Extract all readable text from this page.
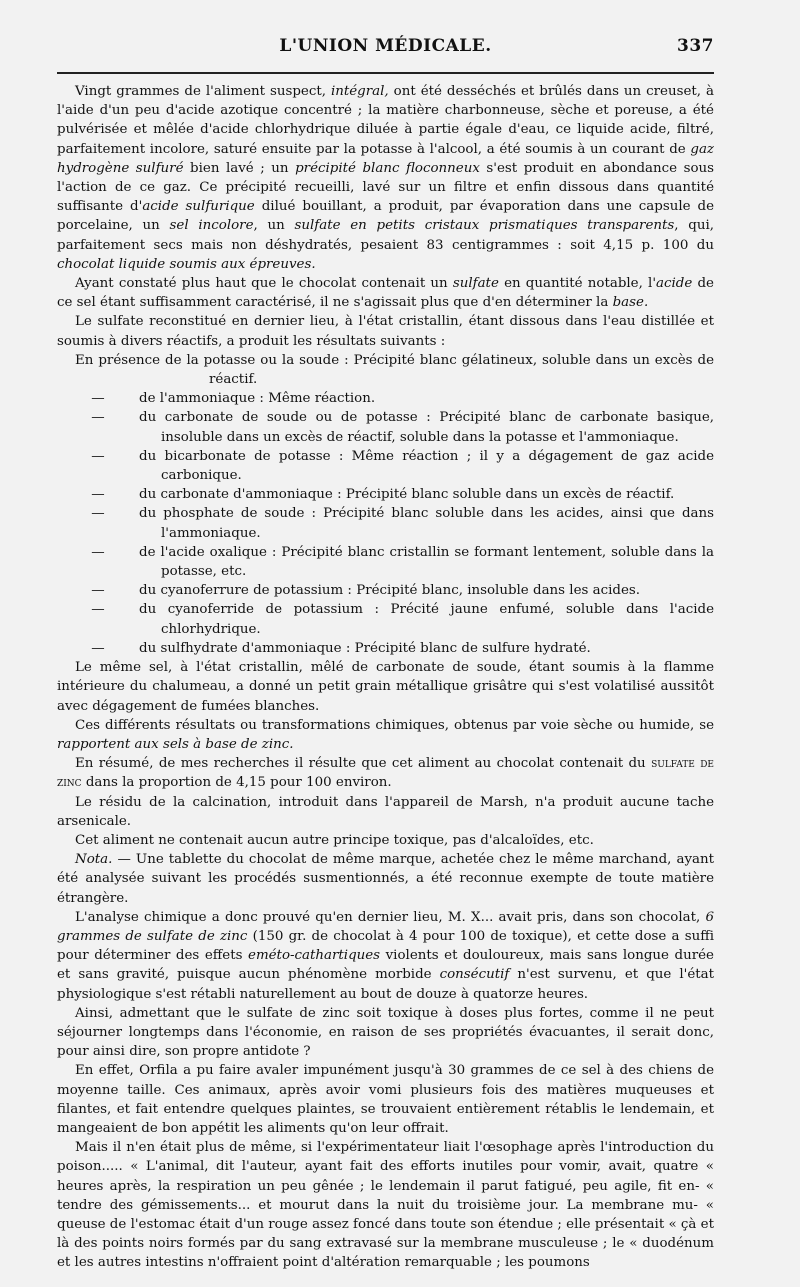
L'UNION MÉDICALE.	337

Vingt grammes de l'aliment suspect, intégral, ont été desséchés et brûlés dans un creuset, à l'aide d'un peu d'acide azotique concentré ; la matière charbonneuse, sèche et poreuse, a été pulvérisée et mêlée d'acide chlorhydrique diluée à partie égale d'eau, ce liquide acide, filtré, parfaitement incolore, saturé ensuite par la potasse à l'alcool, a été soumis à un courant de gaz hydrogène sulfuré bien lavé ; un précipité blanc floconneux s'est produit en abondance sous l'action de ce gaz. Ce précipité recueilli, lavé sur un filtre et enfin dissous dans quantité suffisante d'acide sulfurique dilué bouillant, a produit, par évaporation dans une capsule de porcelaine, un sel incolore, un sulfate en petits cristaux prismatiques transparents, qui, parfaitement secs mais non déshydratés, pesaient 83 centigrammes : soit 4,15 p. 100 du chocolat liquide soumis aux épreuves.

Ayant constaté plus haut que le chocolat contenait un sulfate en quantité notable, l'acide de ce sel étant suffisamment caractérisé, il ne s'agissait plus que d'en déterminer la base.

Le sulfate reconstitué en dernier lieu, à l'état cristallin, étant dissous dans l'eau distillée et soumis à divers réactifs, a produit les résultats suivants :

En présence de la potasse ou la soude : Précipité blanc gélatineux, soluble dans un excès de réactif.
—	de l'ammoniaque : Même réaction.
—	du carbonate de soude ou de potasse : Précipité blanc de carbonate basique, insoluble dans un excès de réactif, soluble dans la potasse et l'ammoniaque.
—	du bicarbonate de potasse : Même réaction ; il y a dégagement de gaz acide carbonique.
—	du carbonate d'ammoniaque : Précipité blanc soluble dans un excès de réactif.
—	du phosphate de soude : Précipité blanc soluble dans les acides, ainsi que dans l'ammoniaque.
—	de l'acide oxalique : Précipité blanc cristallin se formant lentement, soluble dans la potasse, etc.
—	du cyanoferrure de potassium : Précipité blanc, insoluble dans les acides.
—	du cyanoferride de potassium : Précité jaune enfumé, soluble dans l'acide chlorhydrique.
—	du sulfhydrate d'ammoniaque : Précipité blanc de sulfure hydraté.

Le même sel, à l'état cristallin, mêlé de carbonate de soude, étant soumis à la flamme intérieure du chalumeau, a donné un petit grain métallique grisâtre qui s'est volatilisé aussitôt avec dégagement de fumées blanches.

Ces différents résultats ou transformations chimiques, obtenus par voie sèche ou humide, se rapportent aux sels à base de zinc.

En résumé, de mes recherches il résulte que cet aliment au chocolat contenait du sulfate de zinc dans la proportion de 4,15 pour 100 environ.

Le résidu de la calcination, introduit dans l'appareil de Marsh, n'a produit aucune tache arsenicale.

Cet aliment ne contenait aucun autre principe toxique, pas d'alcaloïdes, etc.

Nota. — Une tablette du chocolat de même marque, achetée chez le même marchand, ayant été analysée suivant les procédés susmentionnés, a été reconnue exempte de toute matière étrangère.

L'analyse chimique a donc prouvé qu'en dernier lieu, M. X... avait pris, dans son chocolat, 6 grammes de sulfate de zinc (150 gr. de chocolat à 4 pour 100 de toxique), et cette dose a suffi pour déterminer des effets eméto-cathartiques violents et douloureux, mais sans longue durée et sans gravité, puisque aucun phénomène morbide consécutif n'est survenu, et que l'état physiologique s'est rétabli naturellement au bout de douze à quatorze heures.

Ainsi, admettant que le sulfate de zinc soit toxique à doses plus fortes, comme il ne peut séjourner longtemps dans l'économie, en raison de ses propriétés évacuantes, il serait donc, pour ainsi dire, son propre antidote ?

En effet, Orfila a pu faire avaler impunément jusqu'à 30 grammes de ce sel à des chiens de moyenne taille. Ces animaux, après avoir vomi plusieurs fois des matières muqueuses et filantes, et fait entendre quelques plaintes, se trouvaient entièrement rétablis le lendemain, et mangeaient de bon appétit les aliments qu'on leur offrait.

Mais il n'en était plus de même, si l'expérimentateur liait l'œsophage après l'introduction du poison..... « L'animal, dit l'auteur, ayant fait des efforts inutiles pour vomir, avait, quatre « heures après, la respiration un peu gênée ; le lendemain il parut fatigué, peu agile, fit en- « tendre des gémissements... et mourut dans la nuit du troisième jour. La membrane mu- « queuse de l'estomac était d'un rouge assez foncé dans toute son étendue ; elle présentait « çà et là des points noirs formés par du sang extravasé sur la membrane musculeuse ; le « duodénum et les autres intestins n'offraient point d'altération remarquable ; les poumons
